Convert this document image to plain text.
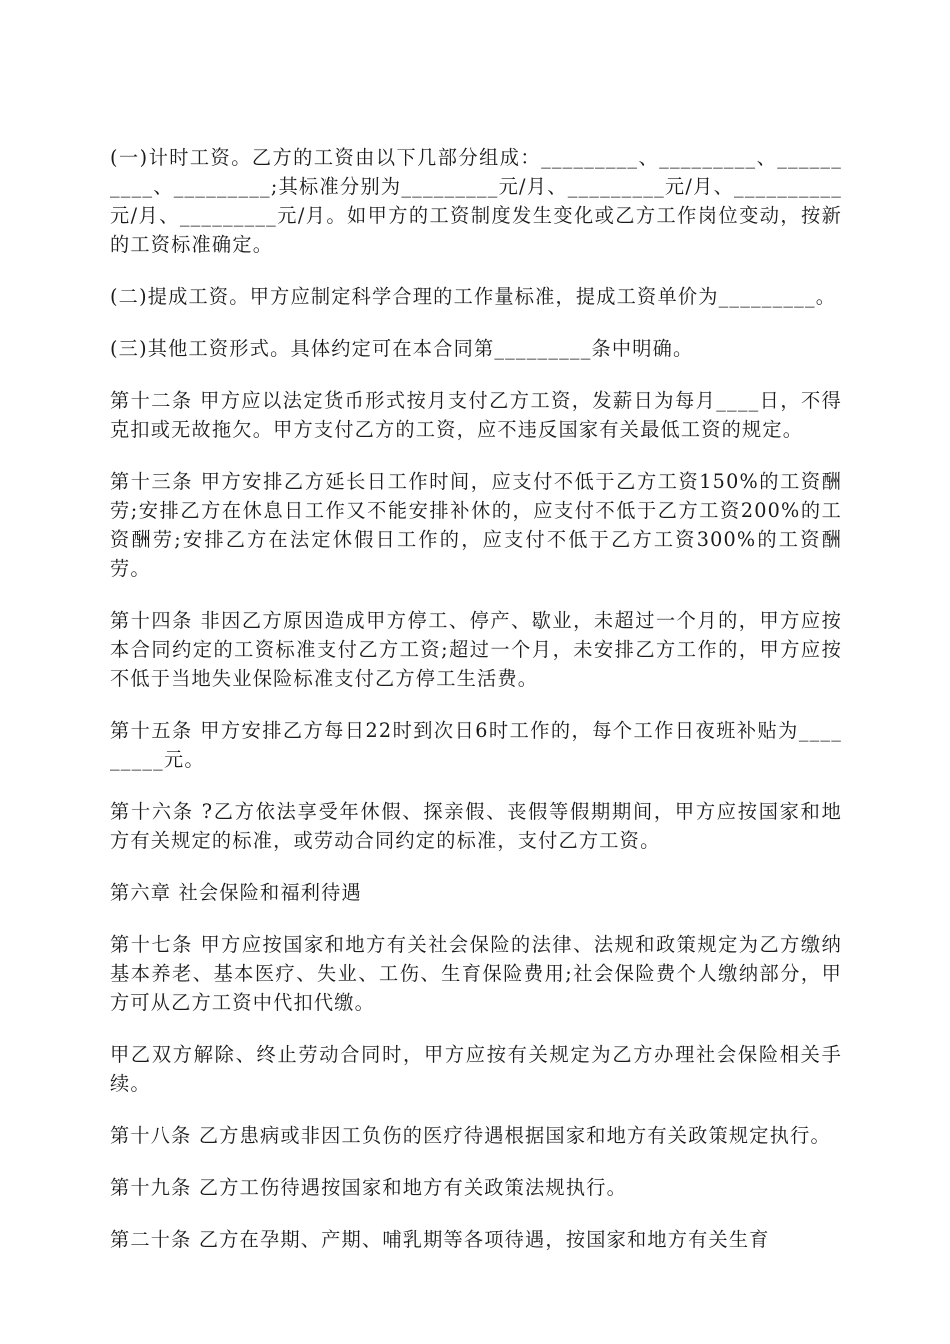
(一)计时工资。乙方的工资由以下几部分组成：_________、_________、__________、_________;其标准分别为_________元/月、_________元/月、__________元/月、_________元/月。如甲方的工资制度发生变化或乙方工作岗位变动，按新的工资标准确定。

(二)提成工资。甲方应制定科学合理的工作量标准，提成工资单价为_________。

(三)其他工资形式。具体约定可在本合同第_________条中明确。

第十二条 甲方应以法定货币形式按月支付乙方工资，发薪日为每月____日，不得克扣或无故拖欠。甲方支付乙方的工资，应不违反国家有关最低工资的规定。

第十三条 甲方安排乙方延长日工作时间，应支付不低于乙方工资150%的工资酬劳;安排乙方在休息日工作又不能安排补休的，应支付不低于乙方工资200%的工资酬劳;安排乙方在法定休假日工作的，应支付不低于乙方工资300%的工资酬劳。

第十四条 非因乙方原因造成甲方停工、停产、歇业，未超过一个月的，甲方应按本合同约定的工资标准支付乙方工资;超过一个月，未安排乙方工作的，甲方应按不低于当地失业保险标准支付乙方停工生活费。

第十五条 甲方安排乙方每日22时到次日6时工作的，每个工作日夜班补贴为_________元。

第十六条 ?乙方依法享受年休假、探亲假、丧假等假期期间，甲方应按国家和地方有关规定的标准，或劳动合同约定的标准，支付乙方工资。

第六章 社会保险和福利待遇

第十七条 甲方应按国家和地方有关社会保险的法律、法规和政策规定为乙方缴纳基本养老、基本医疗、失业、工伤、生育保险费用;社会保险费个人缴纳部分，甲方可从乙方工资中代扣代缴。

甲乙双方解除、终止劳动合同时，甲方应按有关规定为乙方办理社会保险相关手续。

第十八条 乙方患病或非因工负伤的医疗待遇根据国家和地方有关政策规定执行。

第十九条 乙方工伤待遇按国家和地方有关政策法规执行。

第二十条 乙方在孕期、产期、哺乳期等各项待遇，按国家和地方有关生育
